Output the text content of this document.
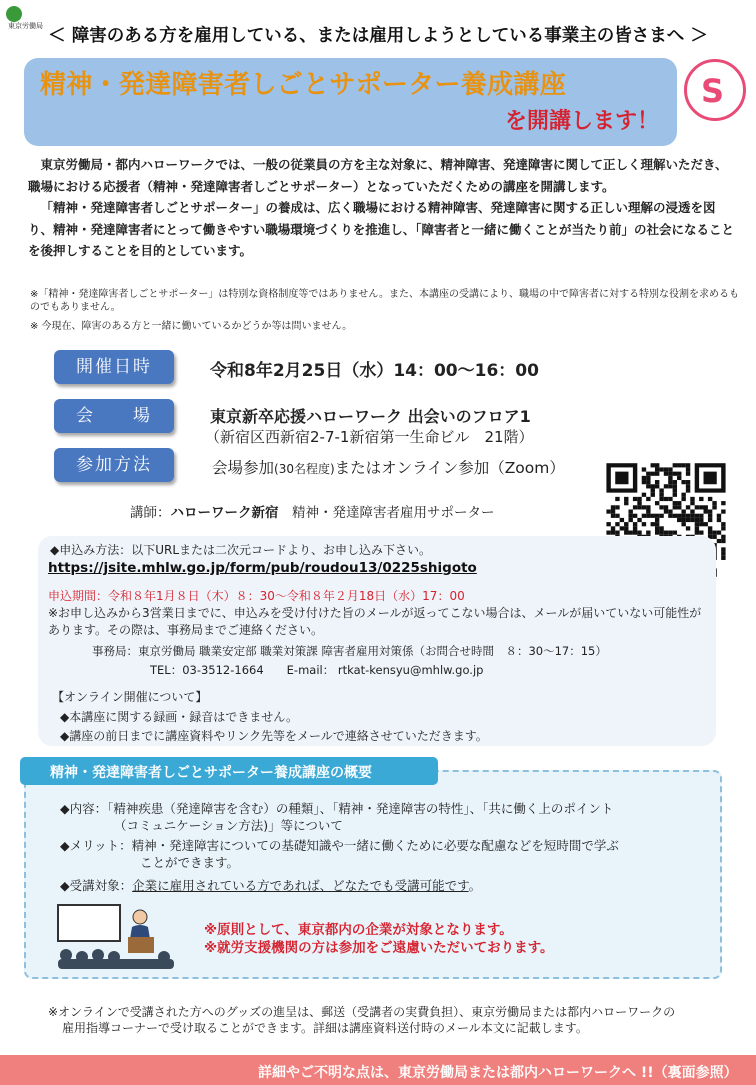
東京労働局 ＜ 障害のある方を雇用している、または雇用しようとしている事業主の皆さまへ ＞
精神・発達障害者しごとサポーター養成講座
を開講します！
S

東京労働局・都内ハローワークでは、一般の従業員の方を主な対象に、精神障害、発達障害に関して正しく理解いただき、職場における応援者（精神・発達障害者しごとサポーター）となっていただくための講座を開講します。

「精神・発達障害者しごとサポーター」の養成は、広く職場における精神障害、発達障害に関する正しい理解の浸透を図り、精神・発達障害者にとって働きやすい職場環境づくりを推進し、「障害者と一緒に働くことが当たり前」の社会になることを後押しすることを目的としています。

※「精神・発達障害者しごとサポーター」は特別な資格制度等ではありません。また、本講座の受講により、職場の中で障害者に対する特別な役割を求めるものでもありません。

※ 今現在、障害のある方と一緒に働いているかどうか等は問いません。

開催日時	令和8年2月25日（水）14：00～16：00
会　　場	東京新卒応援ハローワーク 出会いのフロア1
（新宿区西新宿2-7-1新宿第一生命ビル　21階）
参加方法	会場参加(30名程度)またはオンライン参加（Zoom）
講師：ハローワーク新宿　精神・発達障害者雇用サポーター
◆申込み方法：以下URLまたは二次元コードより、お申し込み下さい。
https://jsite.mhlw.go.jp/form/pub/roudou13/0225shigoto
申込期間：令和８年1月８日（木）８：30～令和８年２月18日（水）17：00
※お申し込みから3営業日までに、申込みを受け付けた旨のメールが返ってこない場合は、メールが届いていない可能性があります。その際は、事務局までご連絡ください。
事務局：東京労働局 職業安定部 職業対策課 障害者雇用対策係（お問合せ時間　８：30～17：15）
TEL：03-3512-1664　　E-mail： rtkat-kensyu@mhlw.go.jp
【オンライン開催について】
◆本講座に関する録画・録音はできません。
◆講座の前日までに講座資料やリンク先等をメールで連絡させていただきます。
精神・発達障害者しごとサポーター養成講座の概要
◆内容：「精神疾患（発達障害を含む）の種類」、「精神・発達障害の特性」、「共に働く上のポイント
（コミュニケーション方法)」等について
◆メリット：精神・発達障害についての基礎知識や一緒に働くために必要な配慮などを短時間で学ぶ
ことができます。
◆受講対象：企業に雇用されている方であれば、どなたでも受講可能です。
※原則として、東京都内の企業が対象となります。
※就労支援機関の方は参加をご遠慮いただいております。

※オンラインで受講された方へのグッズの進呈は、郵送（受講者の実費負担）、東京労働局または都内ハローワークの

雇用指導コーナーで受け取ることができます。詳細は講座資料送付時のメール本文に記載します。

詳細やご不明な点は、東京労働局または都内ハローワークへ !!（裏面参照）
